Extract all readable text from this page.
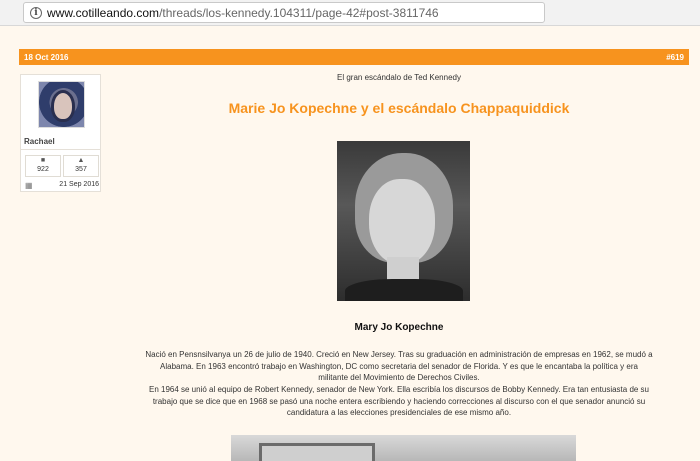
i www.cotilleando.com /threads/los-kennedy.104311/page-42#post-3811746
18 Oct 2016	#619
Rachael
■
922
▲
357
▦	21 Sep 2016
El gran escándalo de Ted Kennedy
Marie Jo Kopechne y el escándalo Chappaquiddick
Mary Jo Kopechne
Nació en Pensnsilvanya un 26 de julio de 1940. Creció en New Jersey. Tras su graduación en administración de empresas en 1962, se mudó a
Alabama. En 1963 encontró trabajo en Washington, DC como secretaria del senador de Florida. Y es que le encantaba la política y era
militante del Movimiento de Derechos Civiles.
En 1964 se unió al equipo de Robert Kennedy, senador de New York. Ella escribía los discursos de Bobby Kennedy. Era tan entusiasta de su
trabajo que se dice que en 1968 se pasó una noche entera escribiendo y haciendo correcciones al discurso con el que senador anunció su
candidatura a las elecciones presidenciales de ese mismo año.
